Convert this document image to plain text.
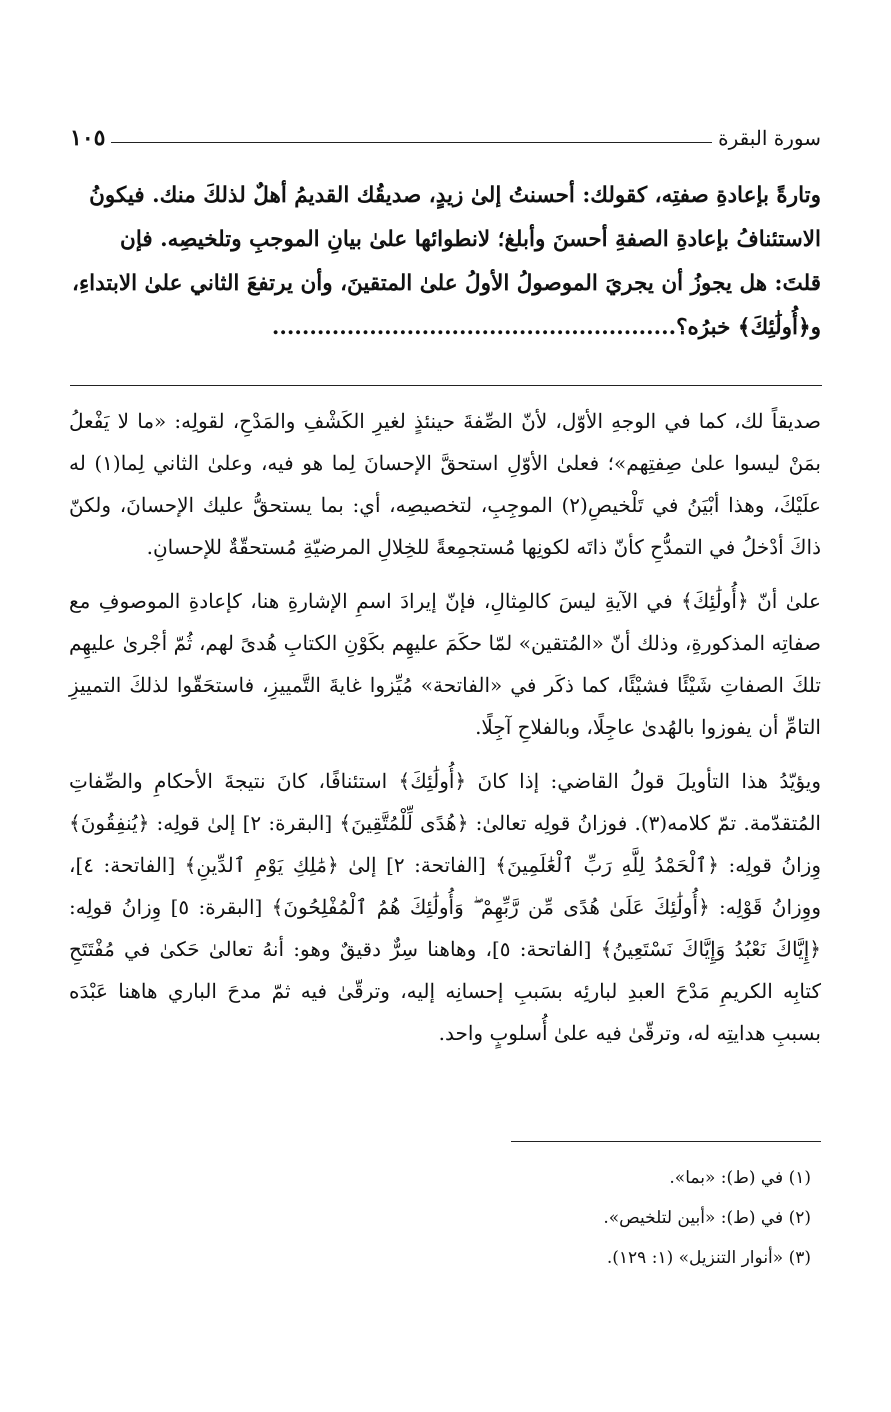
سورة البقرة
١٠٥

وتارةً بإعادةِ صفتِه، كقولك: أحسنتُ إلىٰ زيدٍ، صديقُك القديمُ أهلٌ لذلكَ منك. فيكونُ

الاستئنافُ بإعادةِ الصفةِ أحسنَ وأبلغ؛ لانطوائها علىٰ بيانِ الموجبِ وتلخيصِه. فإن

قلتَ: هل يجوزُ أن يجريَ الموصولُ الأولُ علىٰ المتقينَ، وأن يرتفعَ الثاني علىٰ الابتداءِ،

و﴿أُولَٰئِكَ﴾ خبرُه؟......................................................

صديقاً لك، كما في الوجهِ الأوّل، لأنّ الصِّفةَ حينئذٍ لغيرِ الكَشْفِ والمَدْحِ، لقولِه: «ما لا يَفْعلُ بمَنْ ليسوا علىٰ صِفتِهم»؛ فعلىٰ الأوّلِ استحقَّ الإحسانَ لِما هو فيه، وعلىٰ الثاني لِما(١) له علَيْكَ، وهذا أبْيَنُ في تَلْخيصِ(٢) الموجِبِ، لتخصيصِه، أي: بما يستحقُّ عليك الإحسانَ، ولكنّ ذاكَ أدْخلُ في التمدُّحِ كأنّ ذاتَه لكونِها مُستجمِعةً للخِلالِ المرضيّةِ مُستحقّةٌ للإحسانِ.

علىٰ أنّ ﴿أُولَٰئِكَ﴾ في الآيةِ ليسَ كالمِثالِ، فإنّ إيرادَ اسمِ الإشارةِ هنا، كإعادةِ الموصوفِ مع صفاتِه المذكورةِ، وذلك أنّ «المُتقين» لمّا حكَمَ عليهِم بكَوْنِ الكتابِ هُدىً لهم، ثُمّ أجْرىٰ عليهِم تلكَ الصفاتِ شَيْئًا فشيْئًا، كما ذكَر في «الفاتحة» مُيِّزوا غايةَ التَّمييزِ، فاستحَقّوا لذلكَ التمييزِ التامِّ أن يفوزوا بالهُدىٰ عاجِلًا، وبالفلاحِ آجِلًا.

ويؤيّدُ هذا التأويلَ قولُ القاضي: إذا كانَ ﴿أُولَٰئِكَ﴾ استئنافًا، كانَ نتيجةَ الأحكامِ والصِّفاتِ المُتقدّمة. تمّ كلامه(٣). فوزانُ قولِه تعالىٰ: ﴿هُدًى لِّلْمُتَّقِينَ﴾ [البقرة: ٢] إلىٰ قولِه: ﴿يُنفِقُونَ﴾ وِزانُ قولِه: ﴿ٱلْحَمْدُ لِلَّهِ رَبِّ ٱلْعَٰلَمِينَ﴾ [الفاتحة: ٢] إلىٰ ﴿مَٰلِكِ يَوْمِ ٱلدِّينِ﴾ [الفاتحة: ٤]، ووِزانُ قَوْلِه: ﴿أُولَٰئِكَ عَلَىٰ هُدًى مِّن رَّبِّهِمْ ۖ وَأُولَٰئِكَ هُمُ ٱلْمُفْلِحُونَ﴾ [البقرة: ٥] وِزانُ قولِه: ﴿إِيَّاكَ نَعْبُدُ وَإِيَّاكَ نَسْتَعِينُ﴾ [الفاتحة: ٥]، وهاهنا سِرٌّ دقيقٌ وهو: أنهُ تعالىٰ حَكىٰ في مُفْتَتَحِ كتابِه الكريمِ مَدْحَ العبدِ لبارئِه بسَببِ إحسانِه إليه، وترقّىٰ فيه ثمّ مدحَ الباري هاهنا عَبْدَه بسببِ هدايتِه له، وترقّىٰ فيه علىٰ أُسلوبٍ واحد.

(١) في (ط): «بما».
(٢) في (ط): «أبين لتلخيص».
(٣) «أنوار التنزيل» (١: ١٢٩).
